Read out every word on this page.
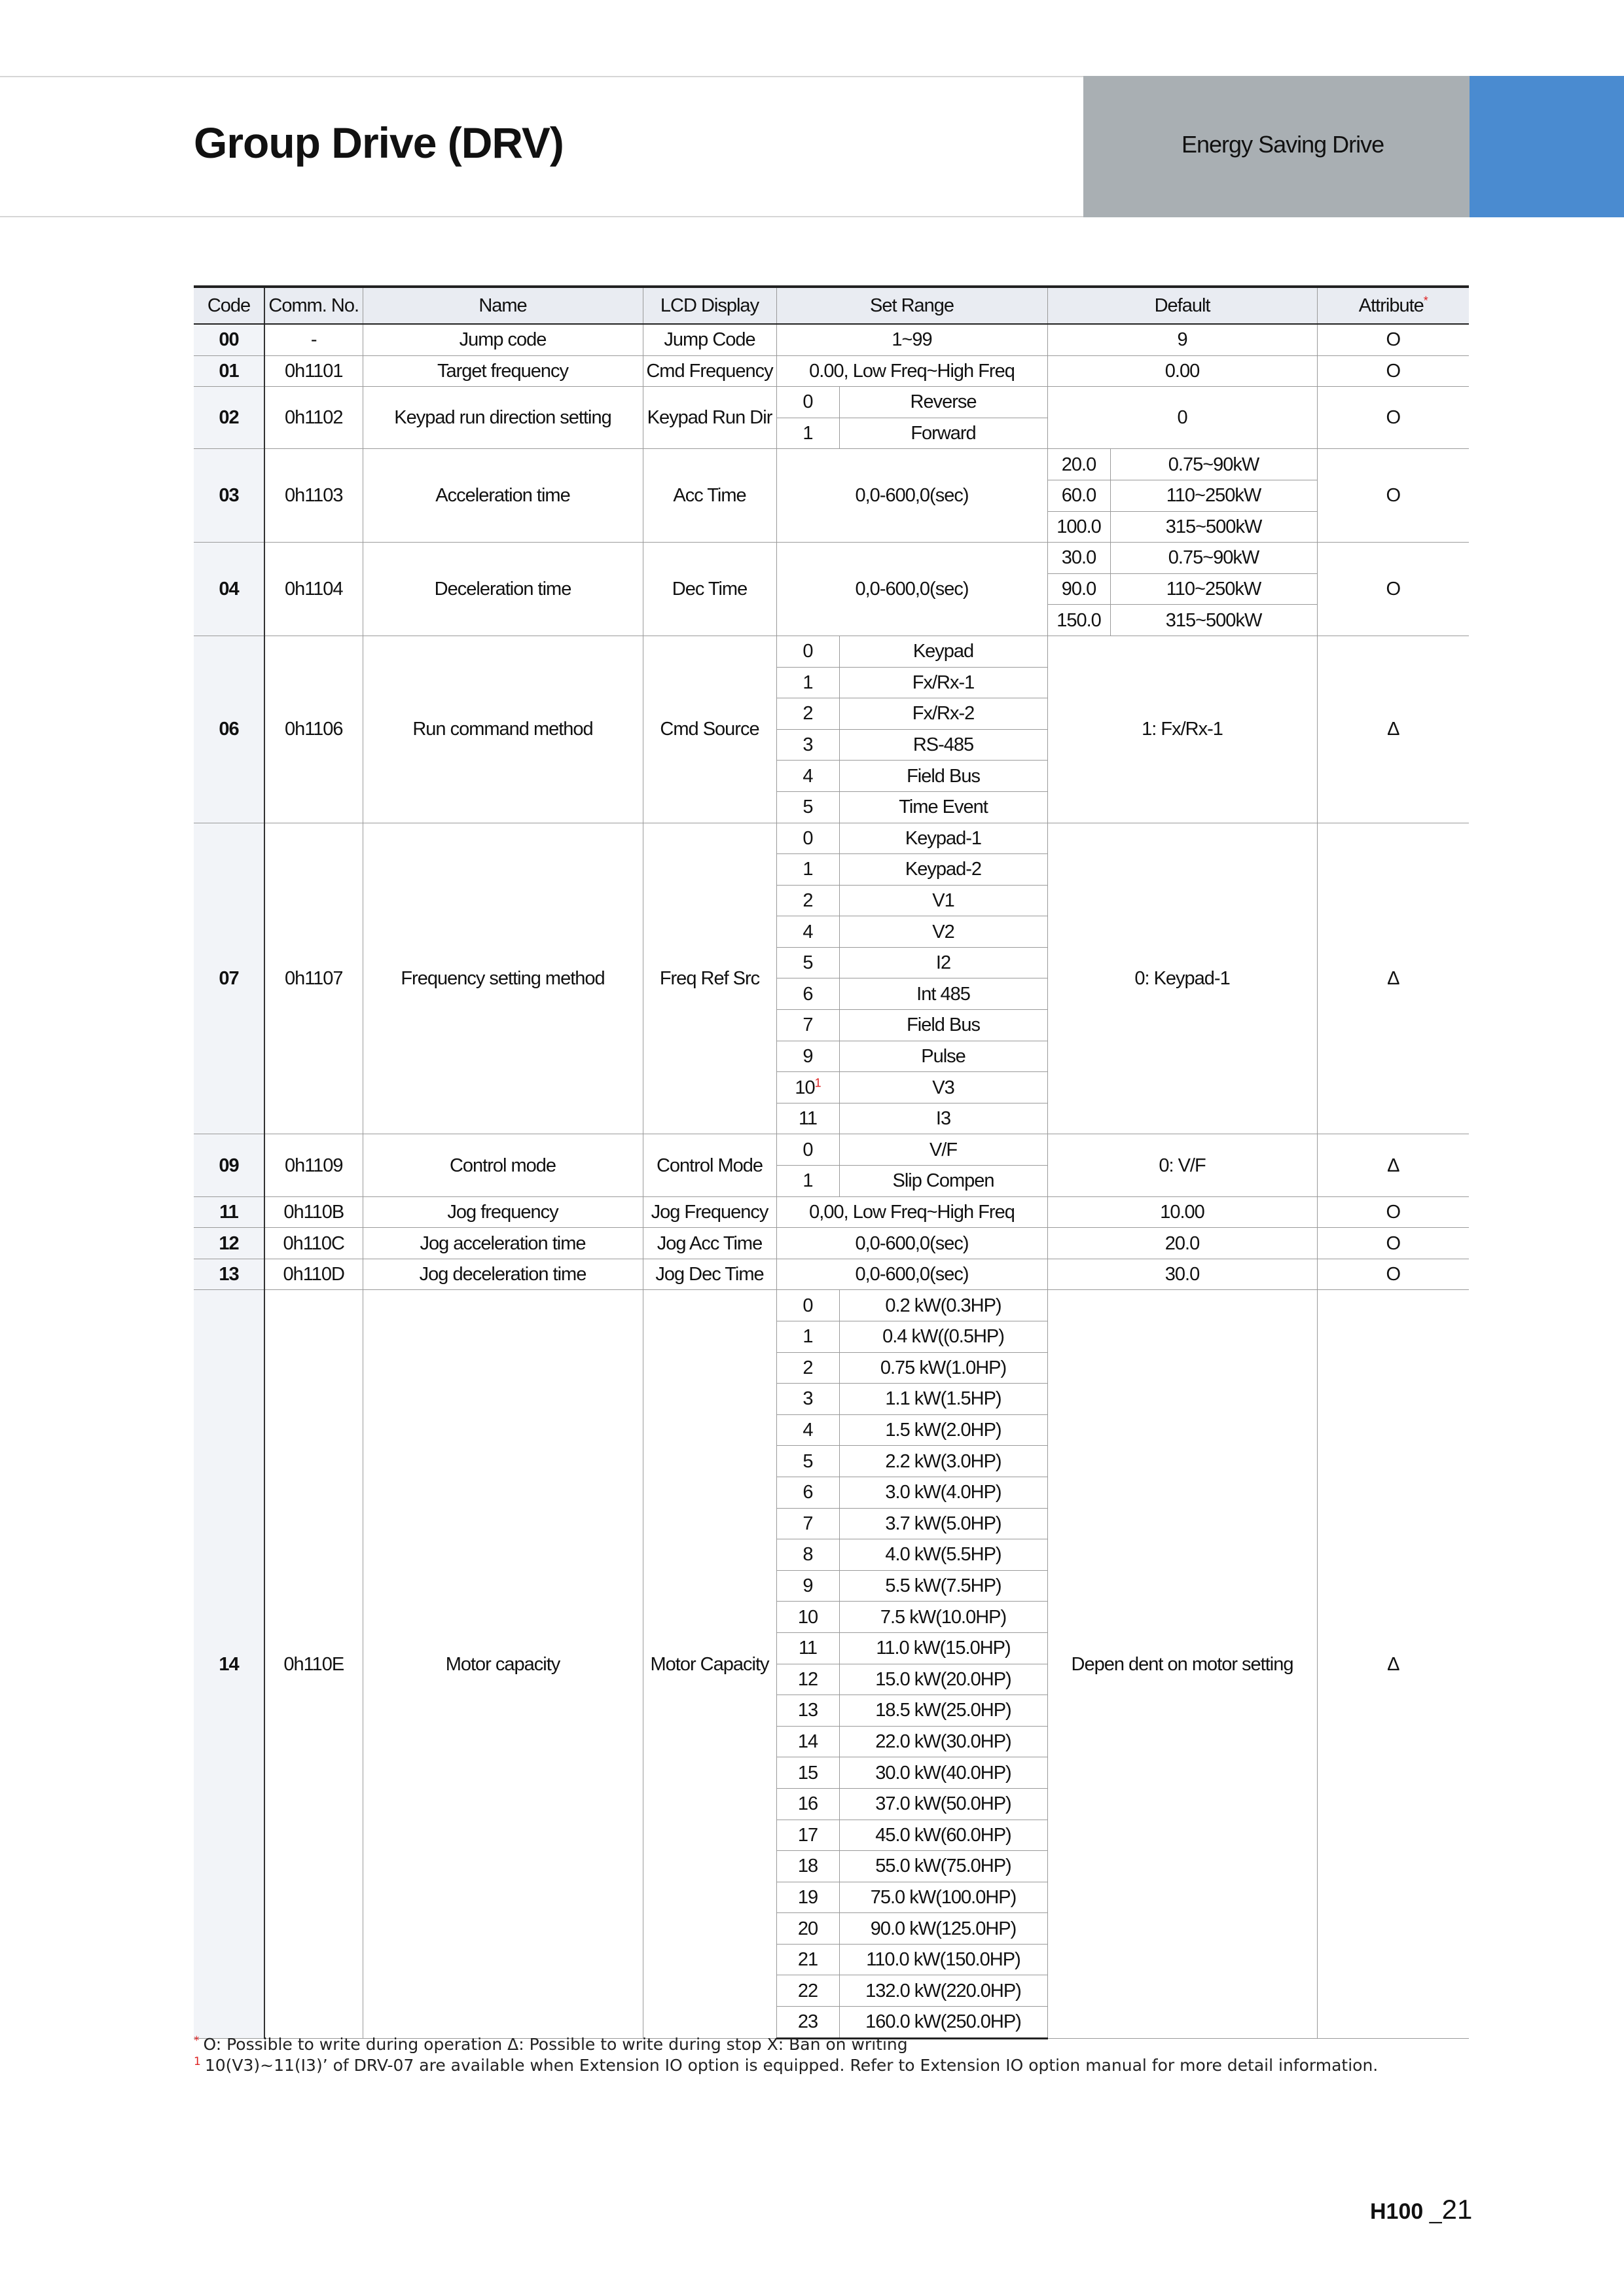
Group Drive (DRV)	Energy Saving Drive
Code	Comm. No.	Name	LCD Display	Set Range		Default		Attribute*
00	-	Jump code	Jump Code	1~99		9		O
01	0h1101	Target frequency	Cmd Frequency	0.00, Low Freq~High Freq		0.00		O
02	0h1102	Keypad run direction setting	Keypad Run Dir	0	Reverse	0		O
				1	Forward			
03	0h1103	Acceleration time	Acc Time	0,0-600,0(sec)		20.0	0.75~90kW	O
						60.0	110~250kW	
						100.0	315~500kW	
04	0h1104	Deceleration time	Dec Time	0,0-600,0(sec)		30.0	0.75~90kW	O
						90.0	110~250kW	
						150.0	315~500kW	
06	0h1106	Run command method	Cmd Source	0	Keypad	1: Fx/Rx-1		Δ
				1	Fx/Rx-1			
				2	Fx/Rx-2			
				3	RS-485			
				4	Field Bus			
				5	Time Event			
07	0h1107	Frequency setting method	Freq Ref Src	0	Keypad-1	0: Keypad-1		Δ
				1	Keypad-2			
				2	V1			
				4	V2			
				5	I2			
				6	Int 485			
				7	Field Bus			
				9	Pulse			
				10$^1$	V3			
				11	I3			
09	0h1109	Control mode	Control Mode	0	V/F	0: V/F		Δ
				1	Slip Compen			
11	0h110B	Jog frequency	Jog Frequency	0,00, Low Freq~High Freq		10.00		O
12	0h110C	Jog acceleration time	Jog Acc Time	0,0-600,0(sec)		20.0		O
13	0h110D	Jog deceleration time	Jog Dec Time	0,0-600,0(sec)		30.0		O
14	0h110E	Motor capacity	Motor Capacity	0	0.2 kW(0.3HP)	Depen dent on motor setting		Δ
				1	0.4 kW((0.5HP)			
				2	0.75 kW(1.0HP)			
				3	1.1 kW(1.5HP)			
				4	1.5 kW(2.0HP)			
				5	2.2 kW(3.0HP)			
				6	3.0 kW(4.0HP)			
				7	3.7 kW(5.0HP)			
				8	4.0 kW(5.5HP)			
				9	5.5 kW(7.5HP)			
				10	7.5 kW(10.0HP)			
				11	11.0 kW(15.0HP)			
				12	15.0 kW(20.0HP)			
				13	18.5 kW(25.0HP)			
				14	22.0 kW(30.0HP)			
				15	30.0 kW(40.0HP)			
				16	37.0 kW(50.0HP)			
				17	45.0 kW(60.0HP)			
				18	55.0 kW(75.0HP)			
				19	75.0 kW(100.0HP)			
				20	90.0 kW(125.0HP)			
				21	110.0 kW(150.0HP)			
				22	132.0 kW(220.0HP)			
				23	160.0 kW(250.0HP)			
* O: Possible to write during operation Δ: Possible to write during stop X: Ban on writing
$^1$ 10(V3)~11(I3)’ of DRV-07 are available when Extension IO option is equipped. Refer to Extension IO option manual for more detail information.
H100 _21
